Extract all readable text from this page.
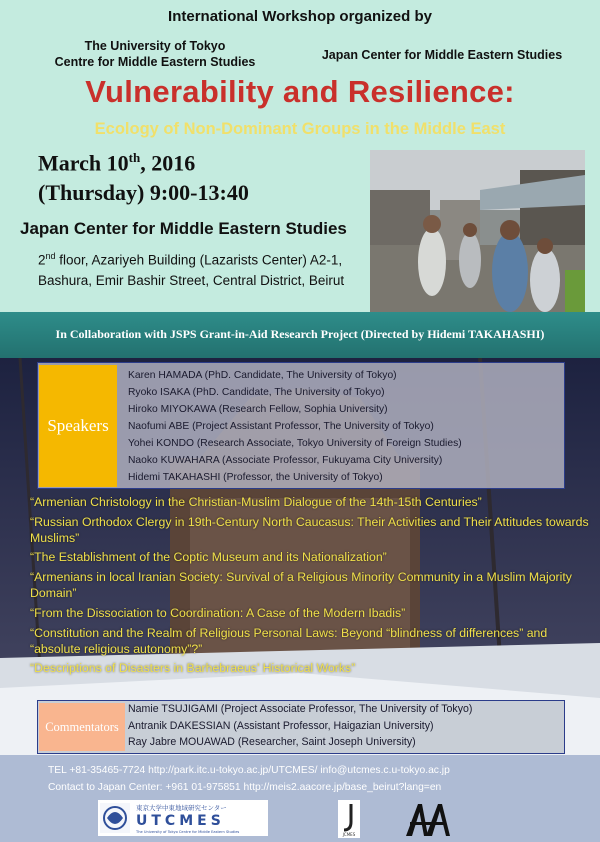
International Workshop organized by
The University of Tokyo
Centre for Middle Eastern Studies	Japan Center for Middle Eastern Studies
Vulnerability and Resilience:
Ecology of Non-Dominant Groups in the Middle East
March 10th, 2016
(Thursday) 9:00-13:40
Japan Center for Middle Eastern Studies
2nd floor, Azariyeh Building (Lazarists Center) A2-1, Bashura, Emir Bashir Street, Central District, Beirut
In Collaboration with JSPS Grant-in-Aid Research Project (Directed by Hidemi TAKAHASHI)
Speakers
Karen HAMADA (PhD. Candidate, The University of Tokyo)
Ryoko ISAKA (PhD. Candidate, The University of Tokyo)
Hiroko MIYOKAWA (Research Fellow, Sophia University)
Naofumi ABE (Project Assistant Professor, The University of Tokyo)
Yohei KONDO (Research Associate, Tokyo University of Foreign Studies)
Naoko KUWAHARA (Associate Professor, Fukuyama City University)
Hidemi TAKAHASHI (Professor, the University of Tokyo)
“Armenian Christology in the Christian-Muslim Dialogue of the 14th-15th Centuries”
“Russian Orthodox Clergy in 19th-Century North Caucasus: Their Activities and Their Attitudes towards Muslims”
“The Establishment of the Coptic Museum and its Nationalization”
“Armenians in local Iranian Society: Survival of a Religious Minority Community in a Muslim Majority Domain”
“From the Dissociation to Coordination: A Case of the Modern Ibadis”
“Constitution and the Realm of Religious Personal Laws: Beyond “blindness of differences” and “absolute religious autonomy”?”
“Descriptions of Disasters in Barhebraeus’ Historical Works”
Commentators
Namie TSUJIGAMI (Project Associate Professor, The University of Tokyo)
Antranik DAKESSIAN (Assistant Professor, Haigazian University)
Ray Jabre MOUAWAD (Researcher, Saint Joseph University)
TEL +81-35465-7724 http://park.itc.u-tokyo.ac.jp/UTCMES/ info@utcmes.c.u-tokyo.ac.jp
Contact to Japan Center: +961 01-975851 http://meis2.aacore.jp/base_beirut?lang=en
東京大学中東地域研究センター
UTCMES
The University of Tokyo Centre for Middle Eastern Studies	JCMES
